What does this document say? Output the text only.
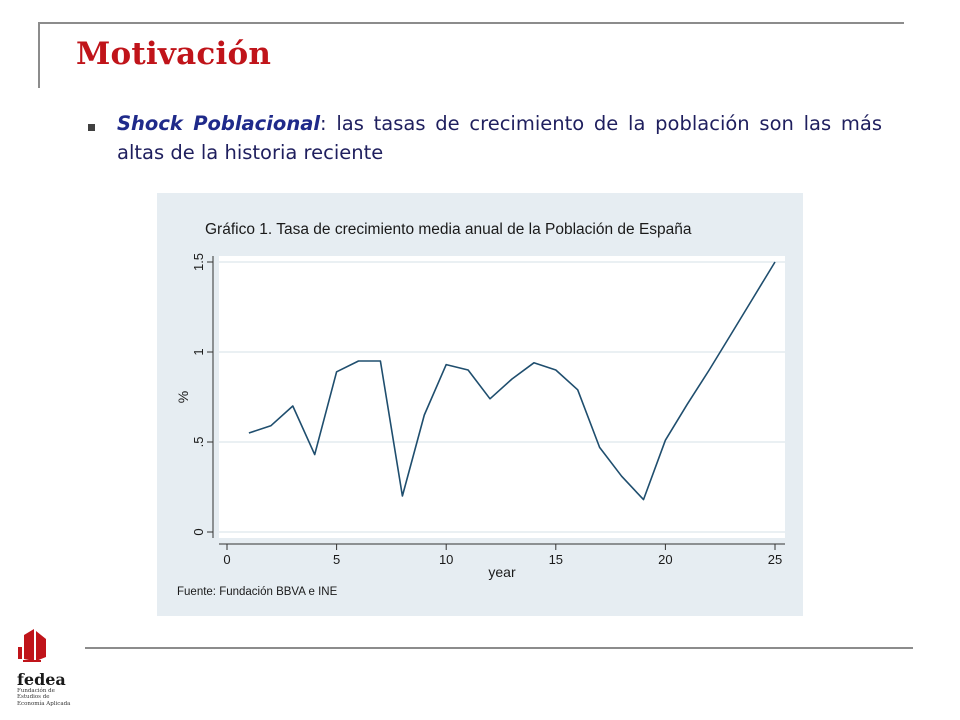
Motivación

Shock Poblacional: las tasas de crecimiento de la población son las más altas de la historia reciente

0
.5
1
1.5
0	5	10	15	20	25
Gráfico 1. Tasa de crecimiento media anual de la Población de España
year
%
Fuente: Fundación BBVA e INE
fedea
Fundación de
Estudios de
Economía Aplicada
